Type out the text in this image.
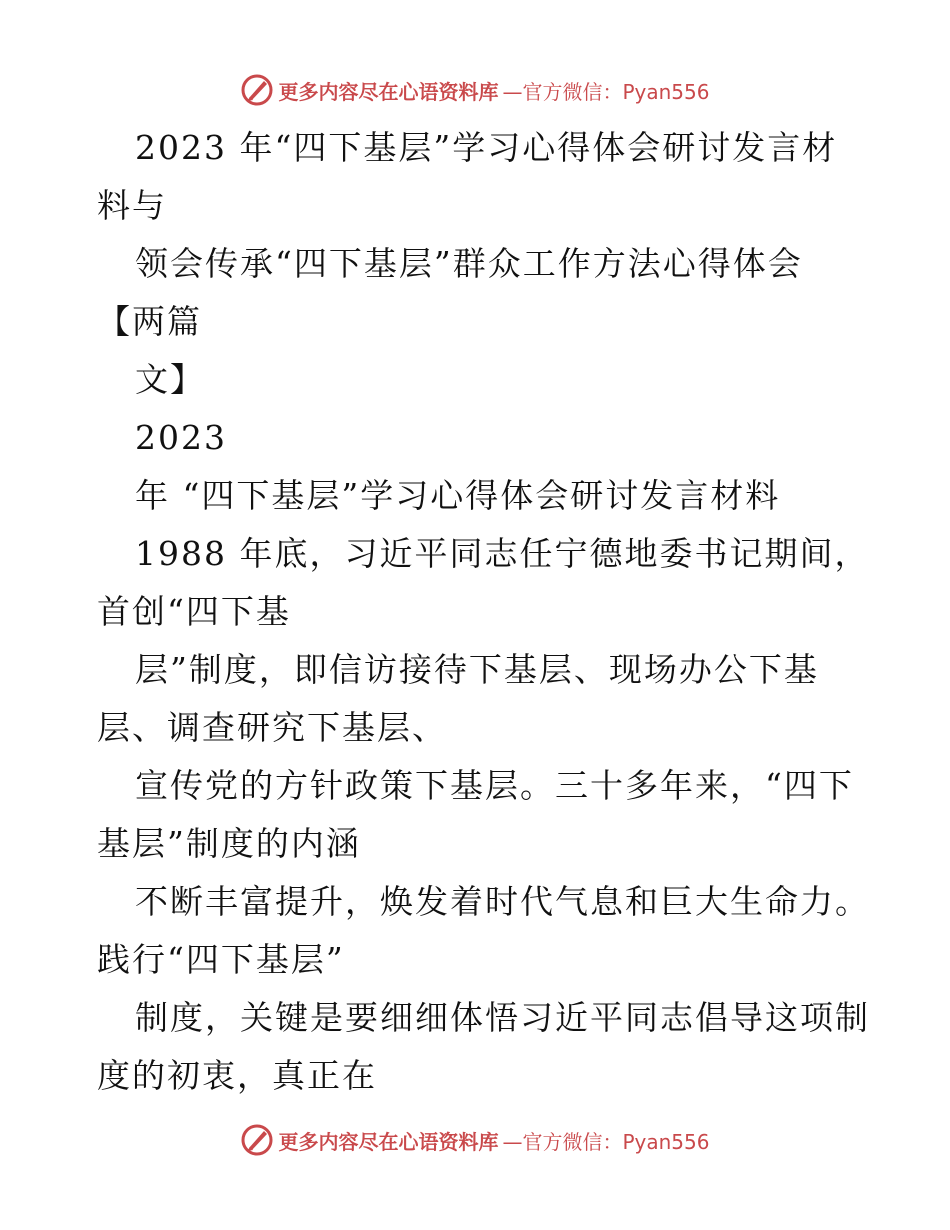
更多内容尽在心语资料库 —官方微信：Pyan556
2023 年“四下基层”学习心得体会研讨发言材
料与
领会传承“四下基层”群众工作方法心得体会
【两篇
文】
2023
年 “四下基层”学习心得体会研讨发言材料
1988 年底，习近平同志任宁德地委书记期间，
首创“四下基
层”制度，即信访接待下基层、现场办公下基
层、调查研究下基层、
宣传党的方针政策下基层。三十多年来，“四下
基层”制度的内涵
不断丰富提升，焕发着时代气息和巨大生命力。
践行“四下基层”
制度，关键是要细细体悟习近平同志倡导这项制
度的初衷，真正在
更多内容尽在心语资料库 —官方微信：Pyan556
